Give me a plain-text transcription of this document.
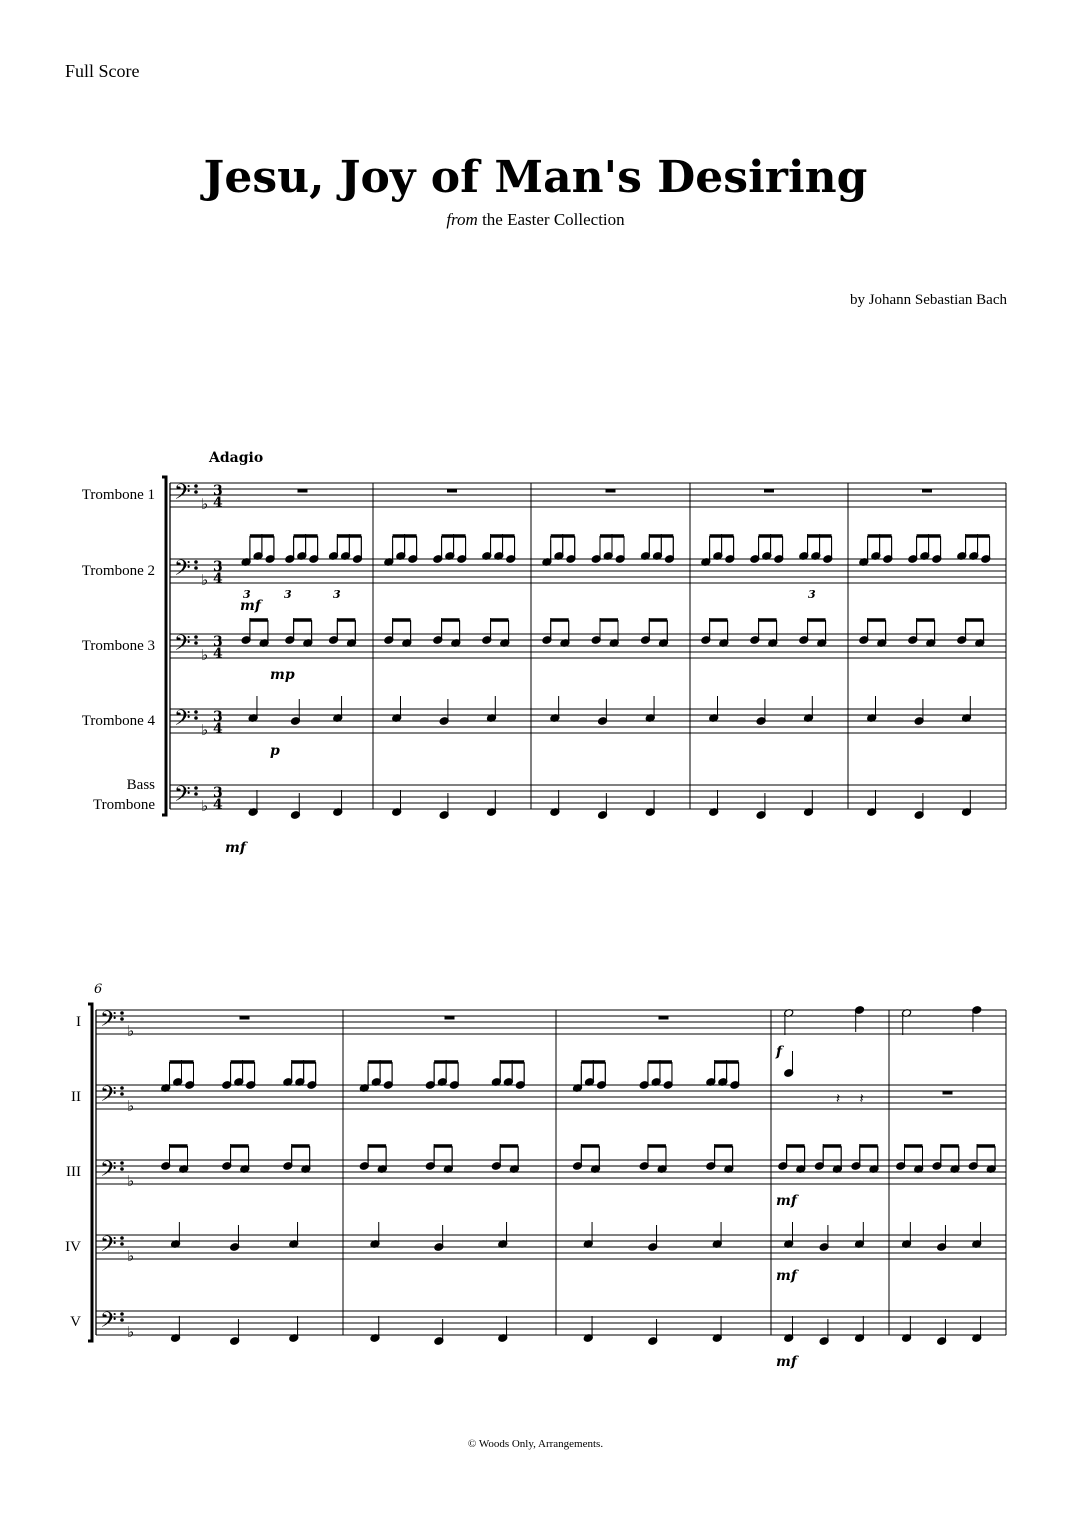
Full Score
Jesu, Joy of Man's Desiring
from the Easter Collection
by Johann Sebastian Bach
Adagio
Trombone 1
Trombone 2
Trombone 3
Trombone 4
Bass
Trombone
6
I
II
III
IV
V
𝄢 ♭
3
4
𝄢 ♭
3
4
𝄢 ♭
3
4
𝄢 ♭
3
4
𝄢 ♭
3
4
mf
mp
p
mf
3	3	3	3
𝄢 ♭
𝄢 ♭
𝄢 ♭
𝄢 ♭
𝄢 ♭
𝄽 𝄽
f
mf
mf
mf
© Woods Only, Arrangements.
